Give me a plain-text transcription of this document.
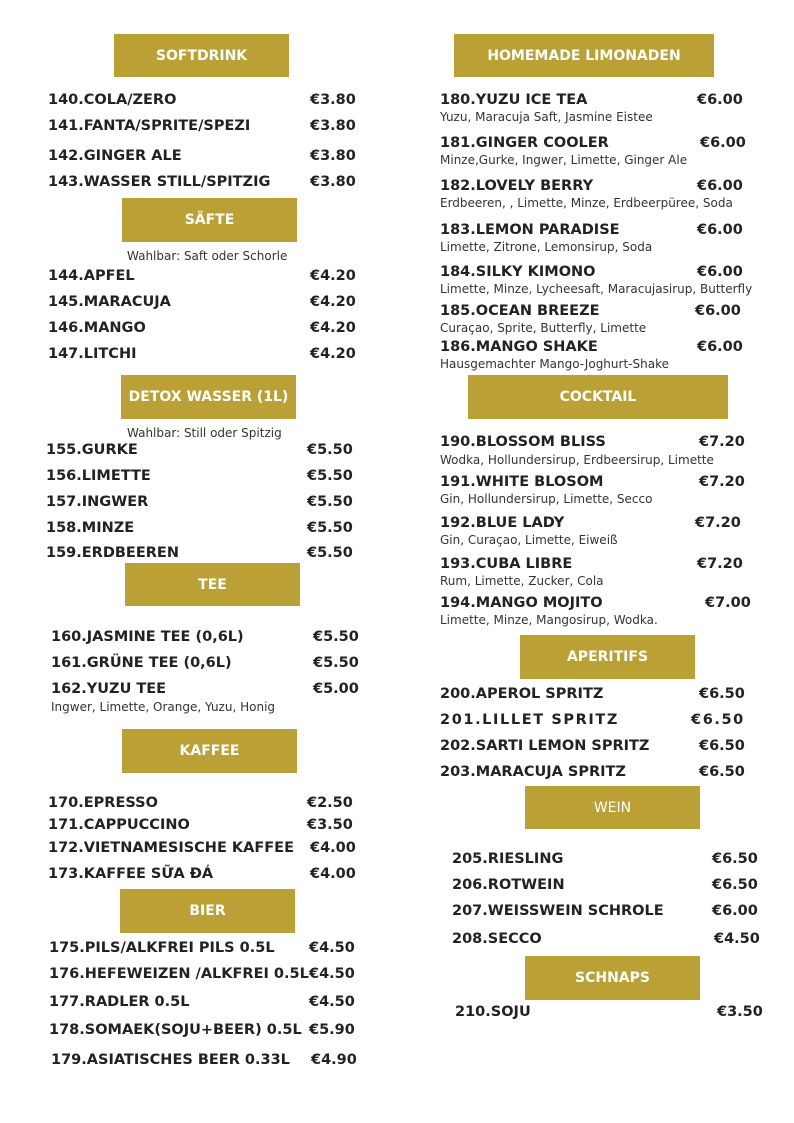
SOFTDRINK
140.COLA/ZERO	€3.80
141.FANTA/SPRITE/SPEZI	€3.80
142.GINGER ALE	€3.80
143.WASSER STILL/SPITZIG	€3.80
SÄFTE
Wahlbar: Saft oder Schorle
144.APFEL	€4.20
145.MARACUJA	€4.20
146.MANGO	€4.20
147.LITCHI	€4.20
DETOX WASSER (1L)
Wahlbar: Still oder Spitzig
155.GURKE	€5.50
156.LIMETTE	€5.50
157.INGWER	€5.50
158.MINZE	€5.50
159.ERDBEEREN	€5.50
TEE
160.JASMINE TEE (0,6L)	€5.50
161.GRÜNE TEE (0,6L)	€5.50
162.YUZU TEE	€5.00
Ingwer, Limette, Orange, Yuzu, Honig
KAFFEE
170.EPRESSO	€2.50
171.CAPPUCCINO	€3.50
172.VIETNAMESISCHE KAFFEE €4.00
173.KAFFEE SỮA ĐÁ	€4.00
BIER
175.PILS/ALKFREI PILS 0.5L €4.50
176.HEFEWEIZEN /ALKFREI 0.5L €4.50
177.RADLER 0.5L	€4.50
178.SOMAEK(SOJU+BEER) 0.5L €5.90
179.ASIATISCHES BEER 0.33L €4.90
HOMEMADE LIMONADEN
180.YUZU ICE TEA	€6.00
Yuzu, Maracuja Saft, Jasmine Eistee
181.GINGER COOLER	€6.00
Minze,Gurke, Ingwer, Limette, Ginger Ale
182.LOVELY BERRY	€6.00
Erdbeeren, , Limette, Minze, Erdbeerpüree, Soda
183.LEMON PARADISE	€6.00
Limette, Zitrone, Lemonsirup, Soda
184.SILKY KIMONO	€6.00
Limette, Minze, Lycheesaft, Maracujasirup, Butterfly
185.OCEAN BREEZE	€6.00
Curaçao, Sprite, Butterfly, Limette
186.MANGO SHAKE	€6.00
Hausgemachter Mango-Joghurt-Shake
COCKTAIL
190.BLOSSOM BLISS	€7.20
Wodka, Hollundersirup, Erdbeersirup, Limette
191.WHITE BLOSOM	€7.20
Gin, Hollundersirup, Limette, Secco
192.BLUE LADY	€7.20
Gin, Curaçao, Limette, Eiweiß
193.CUBA LIBRE	€7.20
Rum, Limette, Zucker, Cola
194.MANGO MOJITO	€7.00
Limette, Minze, Mangosirup, Wodka.
APERITIFS
200.APEROL SPRITZ	€6.50
201.LILLET SPRITZ	€6.50
202.SARTI LEMON SPRITZ	€6.50
203.MARACUJA SPRITZ	€6.50
WEIN
205.RIESLING	€6.50
206.ROTWEIN	€6.50
207.WEISSWEIN SCHROLE	€6.00
208.SECCO	€4.50
SCHNAPS
210.SOJU	€3.50
